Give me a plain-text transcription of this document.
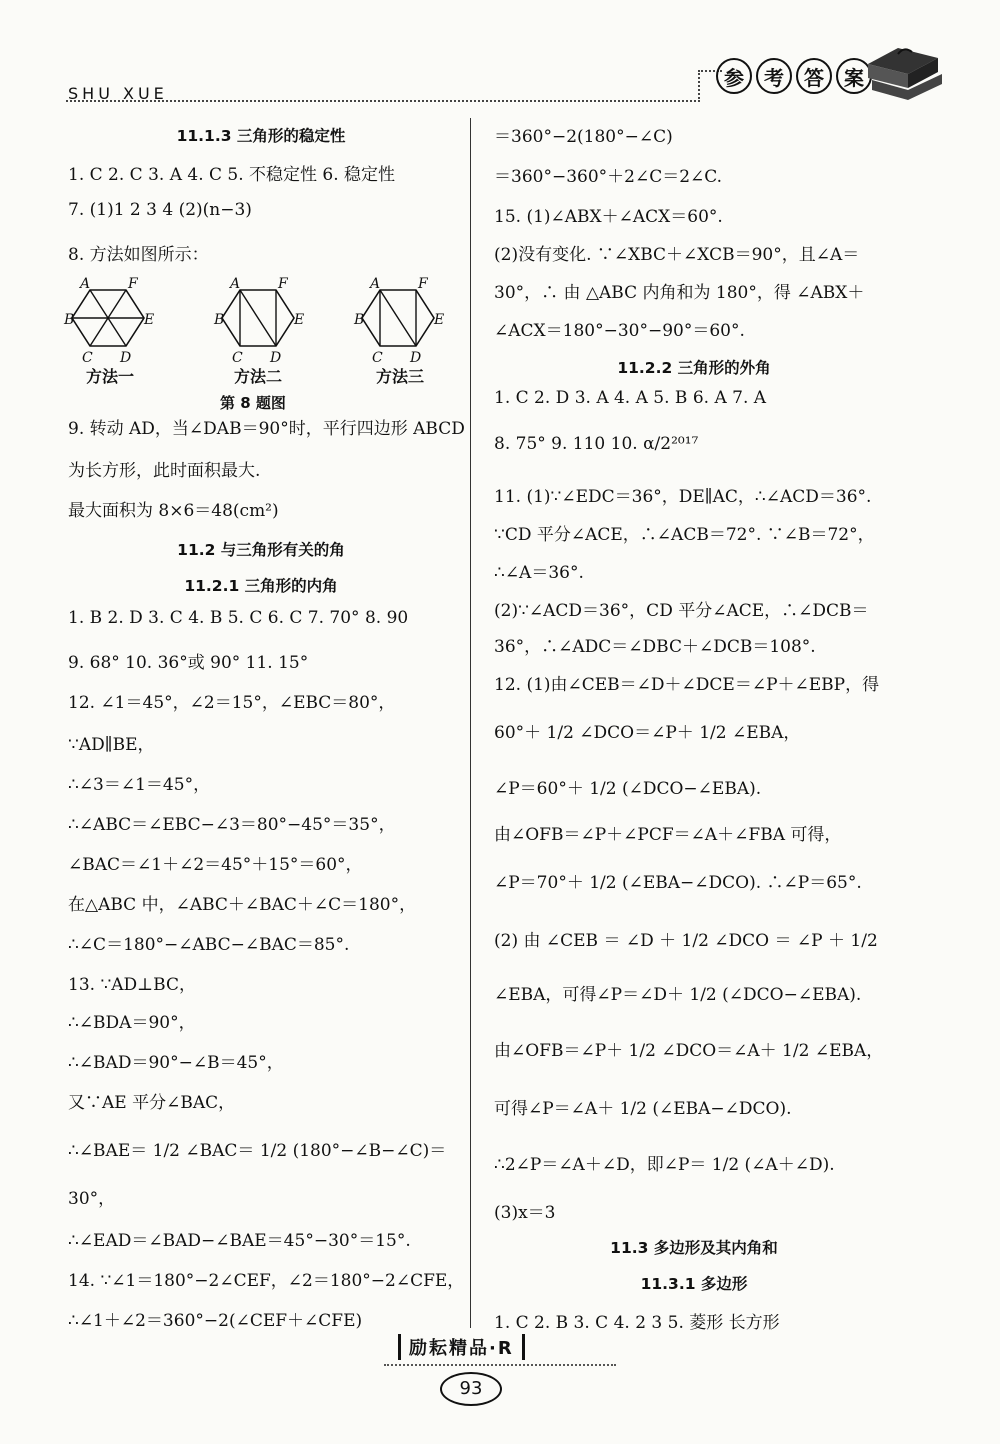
SHU XUE
参	考	答	案
11.1.3 三角形的稳定性
1. C 2. C 3. A 4. C 5. 不稳定性 6. 稳定性
7. (1)1 2 3 4 (2)(n−3)
8. 方法如图所示：
9. 转动 AD，当∠DAB＝90°时，平行四边形 ABCD
为长方形，此时面积最大.
最大面积为 8×6＝48(cm²)
11.2 与三角形有关的角
11.2.1 三角形的内角
1. B 2. D 3. C 4. B 5. C 6. C 7. 70° 8. 90
9. 68° 10. 36°或 90° 11. 15°
12. ∠1＝45°，∠2＝15°，∠EBC＝80°，
∵AD∥BE，
∴∠3＝∠1＝45°，
∴∠ABC＝∠EBC−∠3＝80°−45°＝35°，
∠BAC＝∠1＋∠2＝45°＋15°＝60°，
在△ABC 中，∠ABC＋∠BAC＋∠C＝180°，
∴∠C＝180°−∠ABC−∠BAC＝85°.
13. ∵AD⊥BC，
∴∠BDA＝90°，
∴∠BAD＝90°−∠B＝45°，
又∵AE 平分∠BAC，
∴∠BAE＝ 1/2 ∠BAC＝ 1/2 (180°−∠B−∠C)＝
30°，
∴∠EAD＝∠BAD−∠BAE＝45°−30°＝15°.
14. ∵∠1＝180°−2∠CEF，∠2＝180°−2∠CFE，
∴∠1＋∠2＝360°−2(∠CEF＋∠CFE)
A	F
B	E
C D
方法一
A	F
B	E
C D
方法二
A	F
B	E
C D
方法三
第 8 题图
＝360°−2(180°−∠C)
＝360°−360°＋2∠C＝2∠C.
15. (1)∠ABX＋∠ACX＝60°.
(2)没有变化. ∵∠XBC＋∠XCB＝90°，且∠A＝
30°，∴ 由 △ABC 内角和为 180°，得 ∠ABX＋
∠ACX＝180°−30°−90°＝60°.
11.2.2 三角形的外角
1. C 2. D 3. A 4. A 5. B 6. A 7. A
8. 75° 9. 110 10. α/2²⁰¹⁷
11. (1)∵∠EDC＝36°，DE∥AC，∴∠ACD＝36°.
∵CD 平分∠ACE，∴∠ACB＝72°. ∵∠B＝72°，
∴∠A＝36°.
(2)∵∠ACD＝36°，CD 平分∠ACE，∴∠DCB＝
36°，∴∠ADC＝∠DBC＋∠DCB＝108°.
12. (1)由∠CEB＝∠D＋∠DCE＝∠P＋∠EBP，得
60°＋ 1/2 ∠DCO＝∠P＋ 1/2 ∠EBA，
∠P＝60°＋ 1/2 (∠DCO−∠EBA).
由∠OFB＝∠P＋∠PCF＝∠A＋∠FBA 可得，
∠P＝70°＋ 1/2 (∠EBA−∠DCO). ∴∠P＝65°.
(2) 由 ∠CEB ＝ ∠D ＋ 1/2 ∠DCO ＝ ∠P ＋ 1/2
∠EBA，可得∠P＝∠D＋ 1/2 (∠DCO−∠EBA).
由∠OFB＝∠P＋ 1/2 ∠DCO＝∠A＋ 1/2 ∠EBA，
可得∠P＝∠A＋ 1/2 (∠EBA−∠DCO).
∴2∠P＝∠A＋∠D，即∠P＝ 1/2 (∠A＋∠D).
(3)x＝3
11.3 多边形及其内角和
11.3.1 多边形
1. C 2. B 3. C 4. 2 3 5. 菱形 长方形
励耘精品·R
93
